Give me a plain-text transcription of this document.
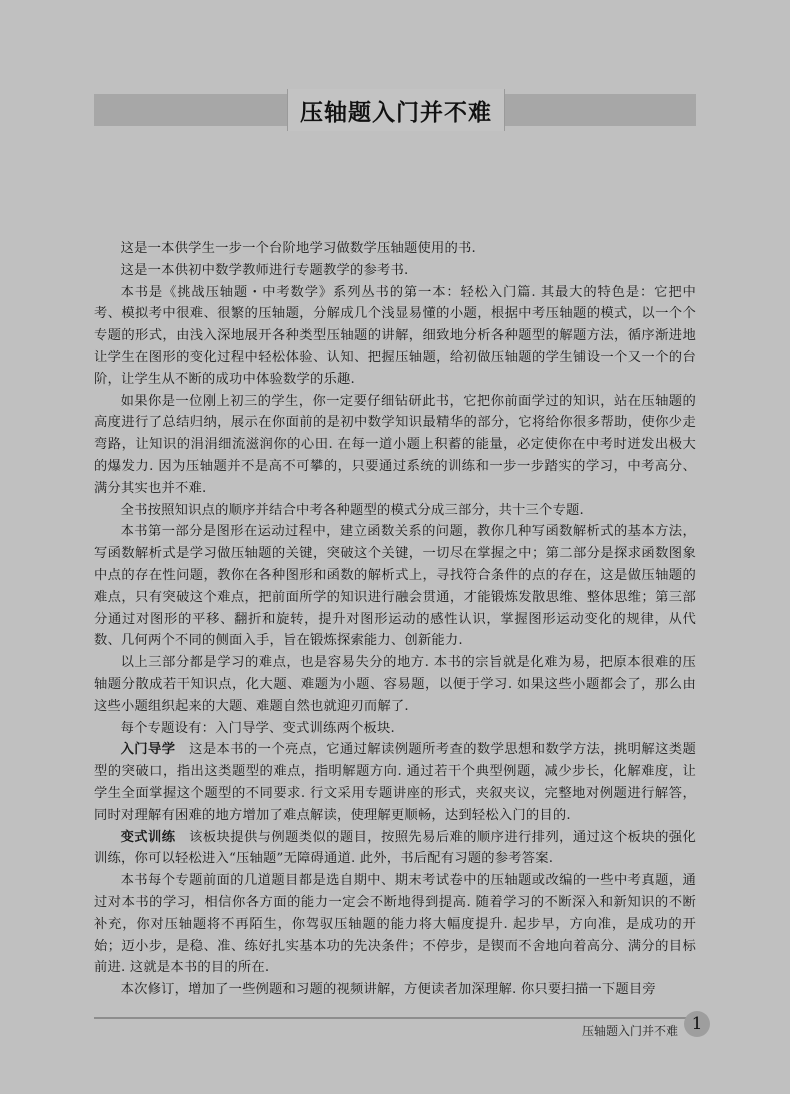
压轴题入门并不难

这是一本供学生一步一个台阶地学习做数学压轴题使用的书.

这是一本供初中数学教师进行专题教学的参考书.

本书是《挑战压轴题・中考数学》系列丛书的第一本：轻松入门篇. 其最大的特色是：它把中考、模拟考中很难、很繁的压轴题，分解成几个浅显易懂的小题，根据中考压轴题的模式，以一个个专题的形式，由浅入深地展开各种类型压轴题的讲解，细致地分析各种题型的解题方法，循序渐进地让学生在图形的变化过程中轻松体验、认知、把握压轴题，给初做压轴题的学生铺设一个又一个的台阶，让学生从不断的成功中体验数学的乐趣.

如果你是一位刚上初三的学生，你一定要仔细钻研此书，它把你前面学过的知识，站在压轴题的高度进行了总结归纳，展示在你面前的是初中数学知识最精华的部分，它将给你很多帮助，使你少走弯路，让知识的涓涓细流滋润你的心田. 在每一道小题上积蓄的能量，必定使你在中考时迸发出极大的爆发力. 因为压轴题并不是高不可攀的，只要通过系统的训练和一步一步踏实的学习，中考高分、满分其实也并不难.

全书按照知识点的顺序并结合中考各种题型的模式分成三部分，共十三个专题.

本书第一部分是图形在运动过程中，建立函数关系的问题，教你几种写函数解析式的基本方法，写函数解析式是学习做压轴题的关键，突破这个关键，一切尽在掌握之中；第二部分是探求函数图象中点的存在性问题，教你在各种图形和函数的解析式上，寻找符合条件的点的存在，这是做压轴题的难点，只有突破这个难点，把前面所学的知识进行融会贯通，才能锻炼发散思维、整体思维；第三部分通过对图形的平移、翻折和旋转，提升对图形运动的感性认识，掌握图形运动变化的规律，从代数、几何两个不同的侧面入手，旨在锻炼探索能力、创新能力.

以上三部分都是学习的难点，也是容易失分的地方. 本书的宗旨就是化难为易，把原本很难的压轴题分散成若干知识点，化大题、难题为小题、容易题，以便于学习. 如果这些小题都会了，那么由这些小题组织起来的大题、难题自然也就迎刃而解了.

每个专题设有：入门导学、变式训练两个板块.

入门导学　这是本书的一个亮点，它通过解读例题所考查的数学思想和数学方法，挑明解这类题型的突破口，指出这类题型的难点，指明解题方向. 通过若干个典型例题，减少步长，化解难度，让学生全面掌握这个题型的不同要求. 行文采用专题讲座的形式，夹叙夹议，完整地对例题进行解答，同时对理解有困难的地方增加了难点解读，使理解更顺畅，达到轻松入门的目的.

变式训练　该板块提供与例题类似的题目，按照先易后难的顺序进行排列，通过这个板块的强化训练，你可以轻松进入“压轴题”无障碍通道. 此外，书后配有习题的参考答案.

本书每个专题前面的几道题目都是选自期中、期末考试卷中的压轴题或改编的一些中考真题，通过对本书的学习，相信你各方面的能力一定会不断地得到提高. 随着学习的不断深入和新知识的不断补充，你对压轴题将不再陌生，你驾驭压轴题的能力将大幅度提升. 起步早，方向准，是成功的开始；迈小步，是稳、准、练好扎实基本功的先决条件；不停步，是锲而不舍地向着高分、满分的目标前进. 这就是本书的目的所在.

本次修订，增加了一些例题和习题的视频讲解，方便读者加深理解. 你只要扫描一下题目旁

压轴题入门并不难 1
